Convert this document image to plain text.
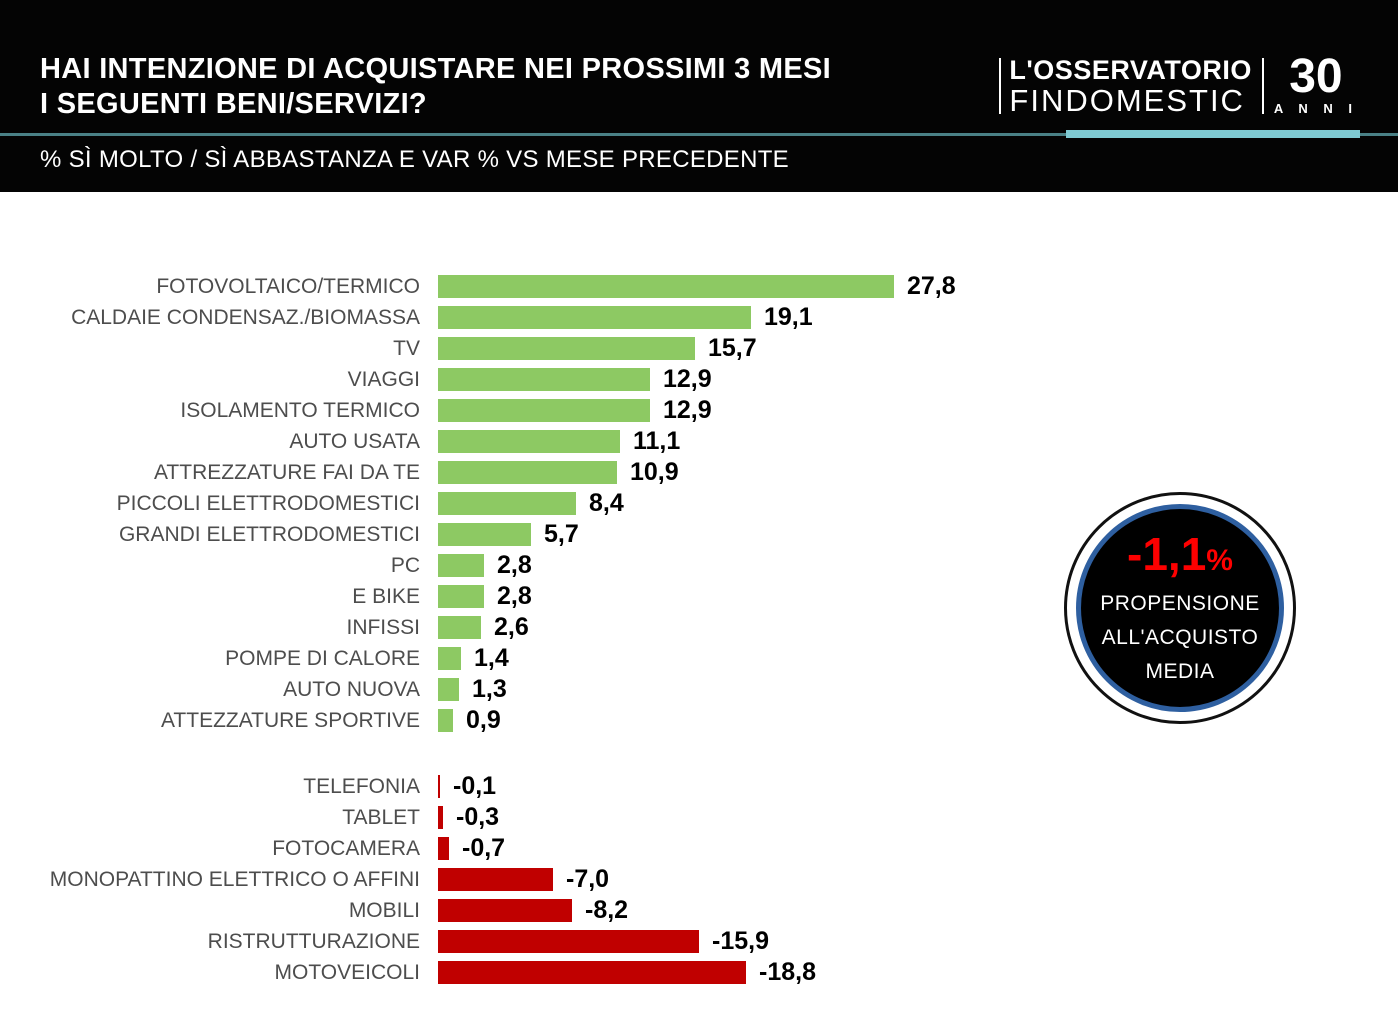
HAI INTENZIONE DI ACQUISTARE NEI PROSSIMI 3 MESI
I SEGUENTI BENI/SERVIZI?
L'OSSERVATORIO
FINDOMESTIC 30
A N N I
% SÌ MOLTO / SÌ ABBASTANZA E VAR % VS MESE PRECEDENTE
FOTOVOLTAICO/TERMICO	27,8
CALDAIE CONDENSAZ./BIOMASSA	19,1
TV	15,7
VIAGGI	12,9
ISOLAMENTO TERMICO	12,9
AUTO USATA	11,1
ATTREZZATURE FAI DA TE	10,9
PICCOLI ELETTRODOMESTICI	8,4
GRANDI ELETTRODOMESTICI	5,7
PC	2,8
E BIKE	2,8
INFISSI	2,6
POMPE DI CALORE 1,4
AUTO NUOVA 1,3
ATTEZZATURE SPORTIVE 0,9
TELEFONIA -0,1
TABLET -0,3
FOTOCAMERA -0,7
MONOPATTINO ELETTRICO O AFFINI	-7,0
MOBILI	-8,2
RISTRUTTURAZIONE	-15,9
MOTOVEICOLI	-18,8
-1,1%
PROPENSIONE
ALL'ACQUISTO
MEDIA
